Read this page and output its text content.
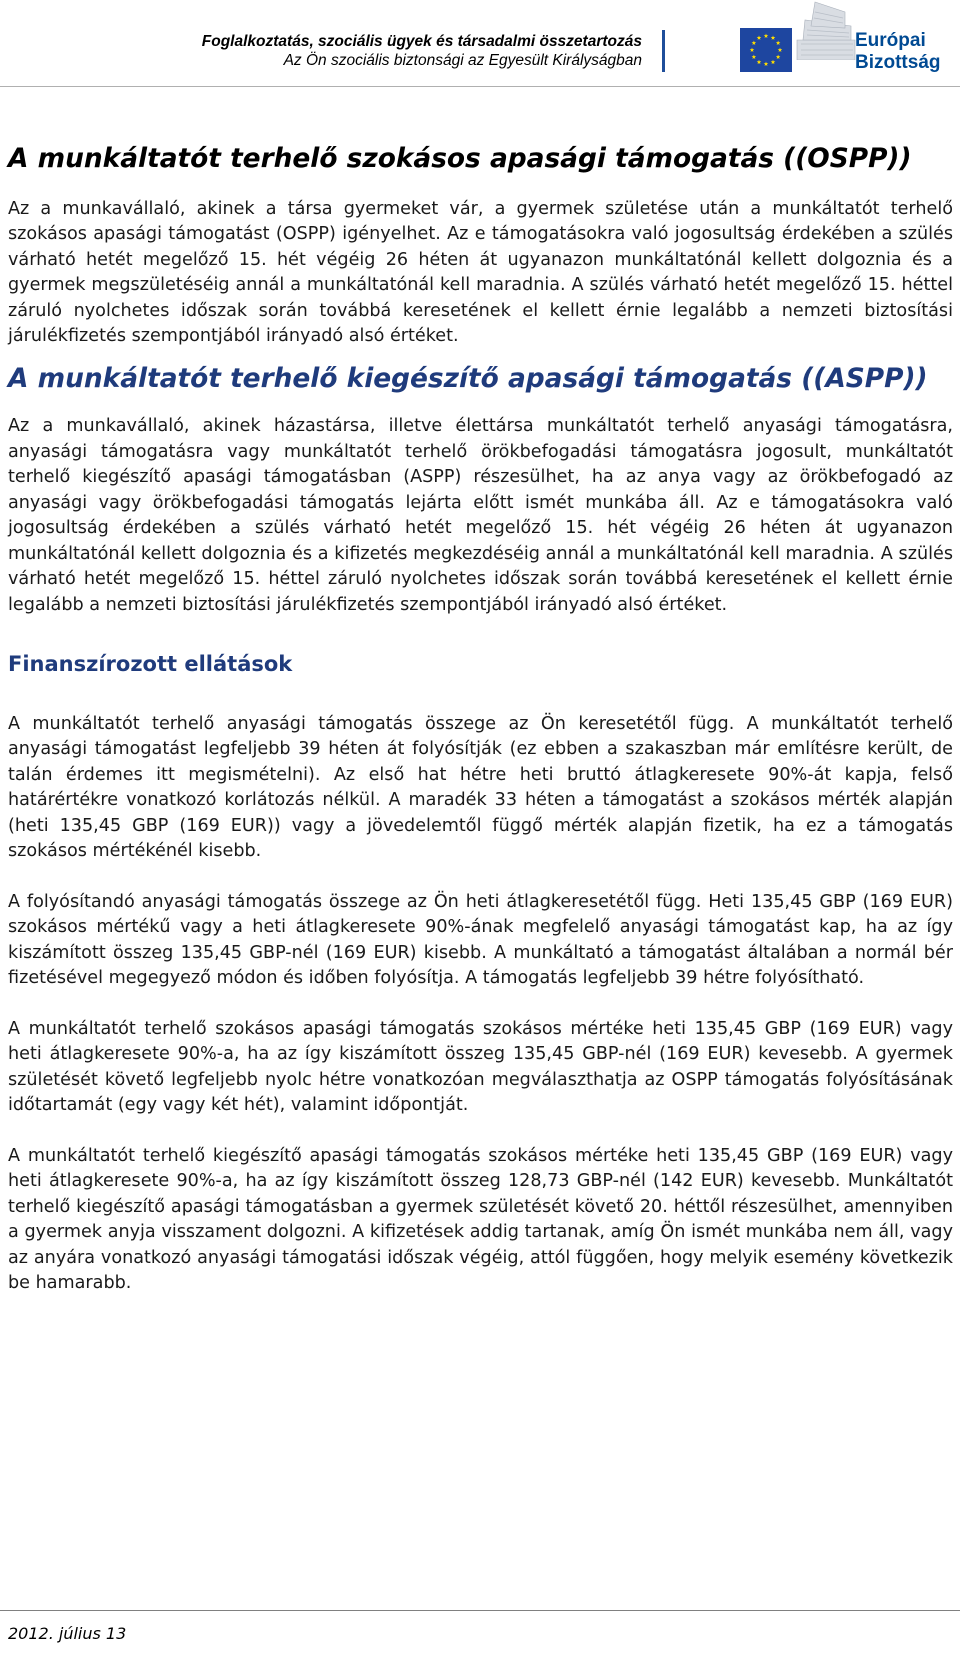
Foglalkoztatás, szociális ügyek és társadalmi összetartozás
Az Ön szociális biztonsági az Egyesült Királyságban
Európai
Bizottság
A munkáltatót terhelő szokásos apasági támogatás ((OSPP))

Az a munkavállaló, akinek a társa gyermeket vár, a gyermek születése után a munkáltatót terhelő szokásos apasági támogatást (OSPP) igényelhet. Az e támogatásokra való jogosultság érdekében a szülés várható hetét megelőző 15. hét végéig 26 héten át ugyanazon munkáltatónál kellett dolgoznia és a gyermek megszületéséig annál a munkáltatónál kell maradnia. A szülés várható hetét megelőző 15. héttel záruló nyolchetes időszak során továbbá keresetének el kellett érnie legalább a nemzeti biztosítási járulékfizetés szempontjából irányadó alsó értéket.

A munkáltatót terhelő kiegészítő apasági támogatás ((ASPP))

Az a munkavállaló, akinek házastársa, illetve élettársa munkáltatót terhelő anyasági támogatásra, anyasági támogatásra vagy munkáltatót terhelő örökbefogadási támogatásra jogosult, munkáltatót terhelő kiegészítő apasági támogatásban (ASPP) részesülhet, ha az anya vagy az örökbefogadó az anyasági vagy örökbefogadási támogatás lejárta előtt ismét munkába áll. Az e támogatásokra való jogosultság érdekében a szülés várható hetét megelőző 15. hét végéig 26 héten át ugyanazon munkáltatónál kellett dolgoznia és a kifizetés megkezdéséig annál a munkáltatónál kell maradnia. A szülés várható hetét megelőző 15. héttel záruló nyolchetes időszak során továbbá keresetének el kellett érnie legalább a nemzeti biztosítási járulékfizetés szempontjából irányadó alsó értéket.

Finanszírozott ellátások

A munkáltatót terhelő anyasági támogatás összege az Ön keresetétől függ. A munkáltatót terhelő anyasági támogatást legfeljebb 39 héten át folyósítják (ez ebben a szakaszban már említésre került, de talán érdemes itt megismételni). Az első hat hétre heti bruttó átlagkeresete 90%-át kapja, felső határértékre vonatkozó korlátozás nélkül. A maradék 33 héten a támogatást a szokásos mérték alapján (heti 135,45 GBP (169 EUR)) vagy a jövedelemtől függő mérték alapján fizetik, ha ez a támogatás szokásos mértékénél kisebb.

A folyósítandó anyasági támogatás összege az Ön heti átlagkeresetétől függ. Heti 135,45 GBP (169 EUR) szokásos mértékű vagy a heti átlagkeresete 90%-ának megfelelő anyasági támogatást kap, ha az így kiszámított összeg 135,45 GBP-nél (169 EUR) kisebb. A munkáltató a támogatást általában a normál bér fizetésével megegyező módon és időben folyósítja. A támogatás legfeljebb 39 hétre folyósítható.

A munkáltatót terhelő szokásos apasági támogatás szokásos mértéke heti 135,45 GBP (169 EUR) vagy heti átlagkeresete 90%-a, ha az így kiszámított összeg 135,45 GBP-nél (169 EUR) kevesebb. A gyermek születését követő legfeljebb nyolc hétre vonatkozóan megválaszthatja az OSPP támogatás folyósításának időtartamát (egy vagy két hét), valamint időpontját.

A munkáltatót terhelő kiegészítő apasági támogatás szokásos mértéke heti 135,45 GBP (169 EUR) vagy heti átlagkeresete 90%-a, ha az így kiszámított összeg 128,73 GBP-nél (142 EUR) kevesebb. Munkáltatót terhelő kiegészítő apasági támogatásban a gyermek születését követő 20. héttől részesülhet, amennyiben a gyermek anyja visszament dolgozni. A kifizetések addig tartanak, amíg Ön ismét munkába nem áll, vagy az anyára vonatkozó anyasági támogatási időszak végéig, attól függően, hogy melyik esemény következik be hamarabb.

2012. július 13
